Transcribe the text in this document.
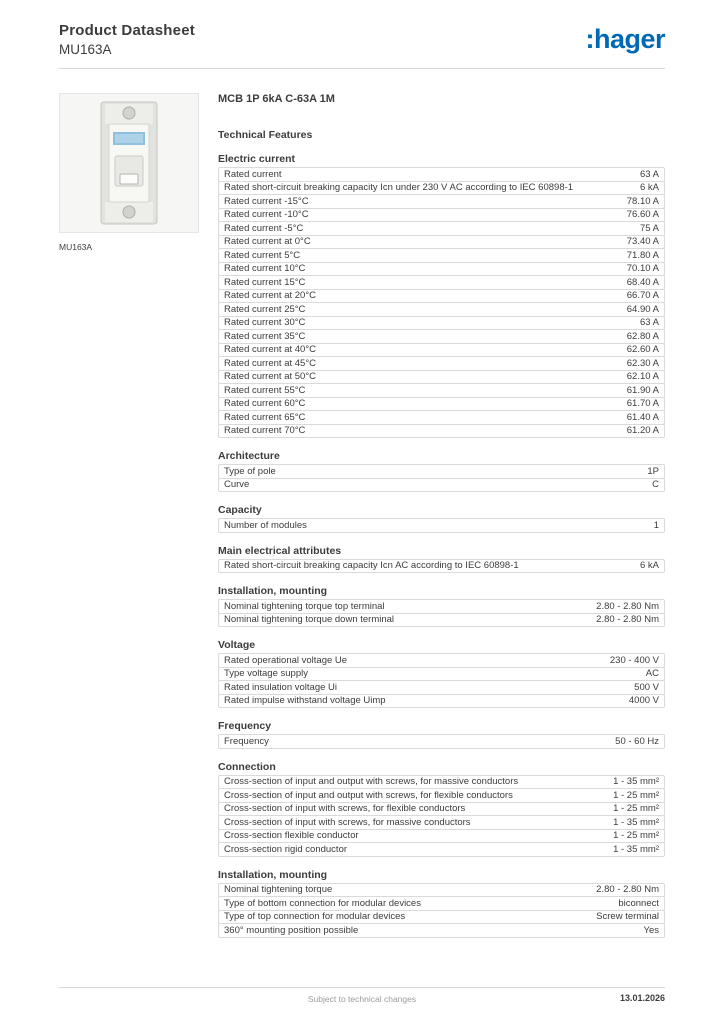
Product Datasheet
MU163A	:hager
MU163A
MCB 1P 6kA C-63A 1M
Technical Features
Electric current
Rated current	63 A
Rated short-circuit breaking capacity Icn under 230 V AC according to IEC 60898-1	6 kA
Rated current -15°C	78.10 A
Rated current -10°C	76.60 A
Rated current -5°C	75 A
Rated current at 0°C	73.40 A
Rated current 5°C	71.80 A
Rated current 10°C	70.10 A
Rated current 15°C	68.40 A
Rated current at 20°C	66.70 A
Rated current 25°C	64.90 A
Rated current 30°C	63 A
Rated current 35°C	62.80 A
Rated current at 40°C	62.60 A
Rated current at 45°C	62.30 A
Rated current at 50°C	62.10 A
Rated current 55°C	61.90 A
Rated current 60°C	61.70 A
Rated current 65°C	61.40 A
Rated current 70°C	61.20 A
Architecture
Type of pole	1P
Curve	C
Capacity
Number of modules	1
Main electrical attributes
Rated short-circuit breaking capacity Icn AC according to IEC 60898-1	6 kA
Installation, mounting
Nominal tightening torque top terminal	2.80 - 2.80 Nm
Nominal tightening torque down terminal	2.80 - 2.80 Nm
Voltage
Rated operational voltage Ue	230 - 400 V
Type voltage supply	AC
Rated insulation voltage Ui	500 V
Rated impulse withstand voltage Uimp	4000 V
Frequency
Frequency	50 - 60 Hz
Connection
Cross-section of input and output with screws, for massive conductors	1 - 35 mm²
Cross-section of input and output with screws, for flexible conductors	1 - 25 mm²
Cross-section of input with screws, for flexible conductors	1 - 25 mm²
Cross-section of input with screws, for massive conductors	1 - 35 mm²
Cross-section flexible conductor	1 - 25 mm²
Cross-section rigid conductor	1 - 35 mm²
Installation, mounting
Nominal tightening torque	2.80 - 2.80 Nm
Type of bottom connection for modular devices	biconnect
Type of top connection for modular devices	Screw terminal
360° mounting position possible	Yes
Subject to technical changes	13.01.2026
